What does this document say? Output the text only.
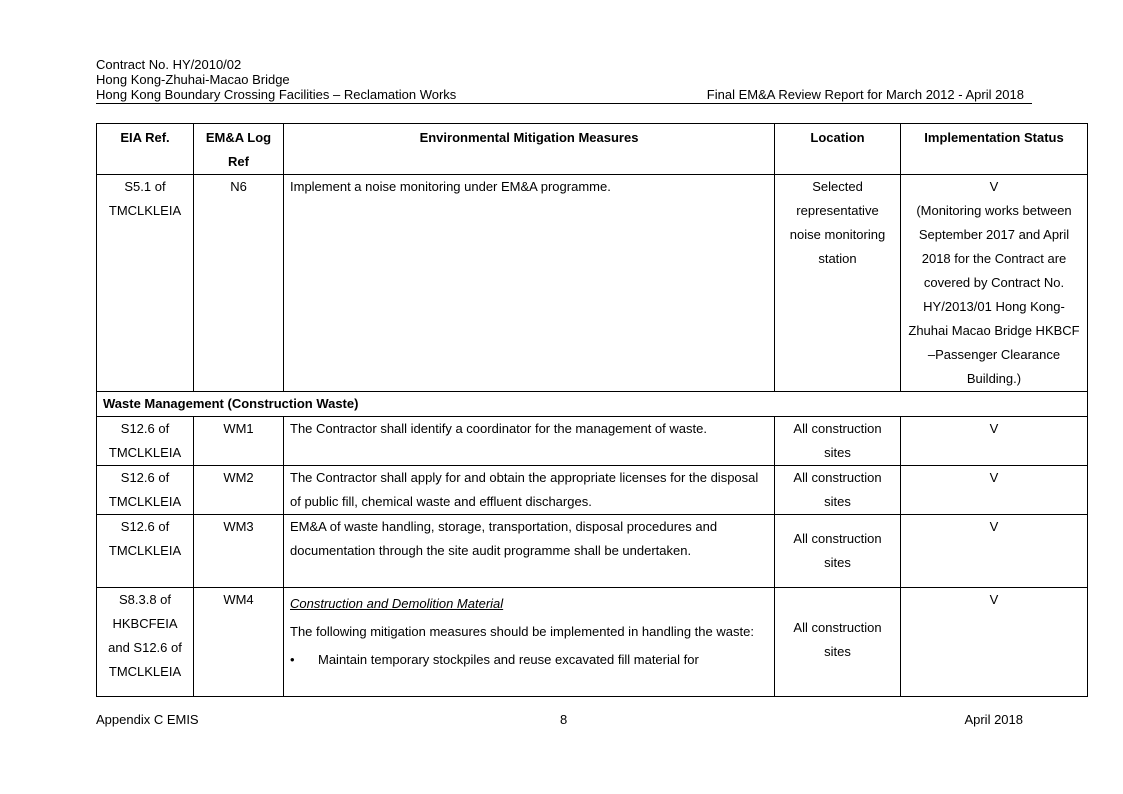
Contract No. HY/2010/02
Hong Kong-Zhuhai-Macao Bridge
Hong Kong Boundary Crossing Facilities – Reclamation Works	Final EM&A Review Report for March 2012 - April 2018
EIA Ref.	EM&A Log Ref	Environmental Mitigation Measures	Location	Implementation Status
S5.1 of TMCLKLEIA	N6	Implement a noise monitoring under EM&A programme.	Selected representative noise monitoring station	V
(Monitoring works between September 2017 and April 2018 for the Contract are covered by Contract No. HY/2013/01 Hong Kong-Zhuhai Macao Bridge HKBCF –Passenger Clearance Building.)

Waste Management (Construction Waste)				
S12.6 of TMCLKLEIA	WM1	The Contractor shall identify a coordinator for the management of waste.	All construction sites	V
S12.6 of TMCLKLEIA	WM2	The Contractor shall apply for and obtain the appropriate licenses for the disposal of public fill, chemical waste and effluent discharges.	All construction sites	V
S12.6 of TMCLKLEIA	WM3	EM&A of waste handling, storage, transportation, disposal procedures and documentation through the site audit programme shall be undertaken.	All construction sites	V
S8.3.8 of HKBCFEIA and S12.6 of TMCLKLEIA	WM4	Construction and Demolition Material
The following mitigation measures should be implemented in handling the waste:
• Maintain temporary stockpiles and reuse excavated fill material for	All construction sites	V
Appendix C EMIS	8	April 2018
